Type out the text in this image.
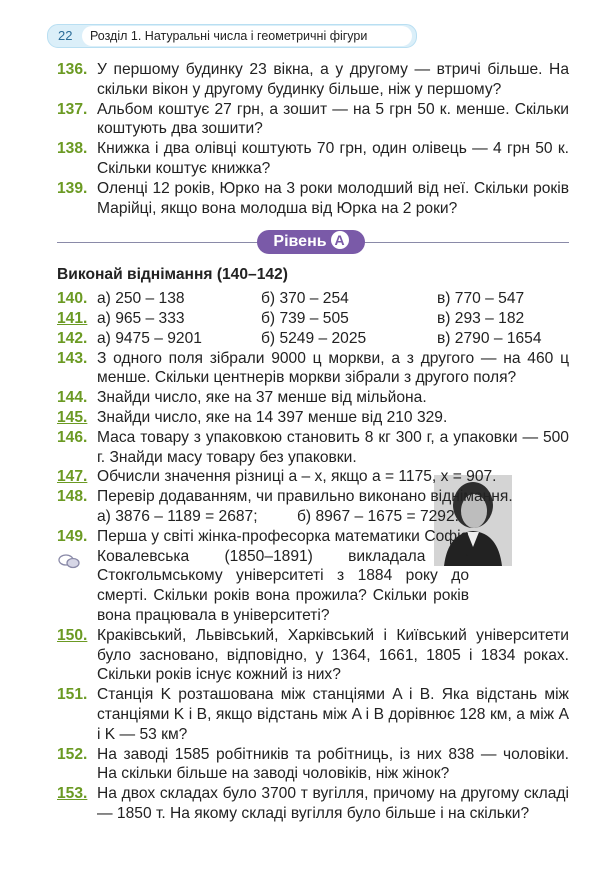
22	Розділ 1. Натуральні числа і геометричні фігури
136. У першому будинку 23 вікна, а у другому — втричі більше. На скільки вікон у другому будинку більше, ніж у першому?
137. Альбом коштує 27 грн, а зошит — на 5 грн 50 к. менше. Скільки коштують два зошити?
138. Книжка і два олівці коштують 70 грн, один олівець — 4 грн 50 к. Скільки коштує книжка?
139. Оленці 12 років, Юрко на 3 роки молодший від неї. Скільки років Марійці, якщо вона молодша від Юрка на 2 роки?
Рівень А
Виконай віднімання (140–142)
140. а) 250 – 138	б) 370 – 254	в) 770 – 547
141. а) 965 – 333	б) 739 – 505	в) 293 – 182
142. а) 9475 – 9201	б) 5249 – 2025	в) 2790 – 1654
143. З одного поля зібрали 9000 ц моркви, а з другого — на 460 ц менше. Скільки центнерів моркви зібрали з другого поля?
144. Знайди число, яке на 37 менше від мільйона.
145. Знайди число, яке на 14 397 менше від 210 329.
146. Маса товару з упаковкою становить 8 кг 300 г, а упаковки — 500 г. Знайди масу товару без упаковки.
147. Обчисли значення різниці a – x, якщо a = 1175, x = 907.
148. Перевір додаванням, чи правильно виконано віднімання.
а) 3876 – 1189 = 2687;	б) 8967 – 1675 = 7292.
149. Перша у світі жінка-професорка математики Софія Ковалевська (1850–1891) викладала в Стокгольмському університеті з 1884 року до смерті. Скільки років вона прожила? Скільки років вона працювала в університеті?
150. Краківський, Львівський, Харківський і Київський університети було засновано, відповідно, у 1364, 1661, 1805 і 1834 роках. Скільки років існує кожний із них?
151. Станція K розташована між станціями A і B. Яка відстань між станціями K і B, якщо відстань між A і B дорівнює 128 км, а між A і K — 53 км?
152. На заводі 1585 робітників та робітниць, із них 838 — чоловіки. На скільки більше на заводі чоловіків, ніж жінок?
153. На двох складах було 3700 т вугілля, причому на другому складі — 1850 т. На якому складі вугілля було більше і на скільки?
